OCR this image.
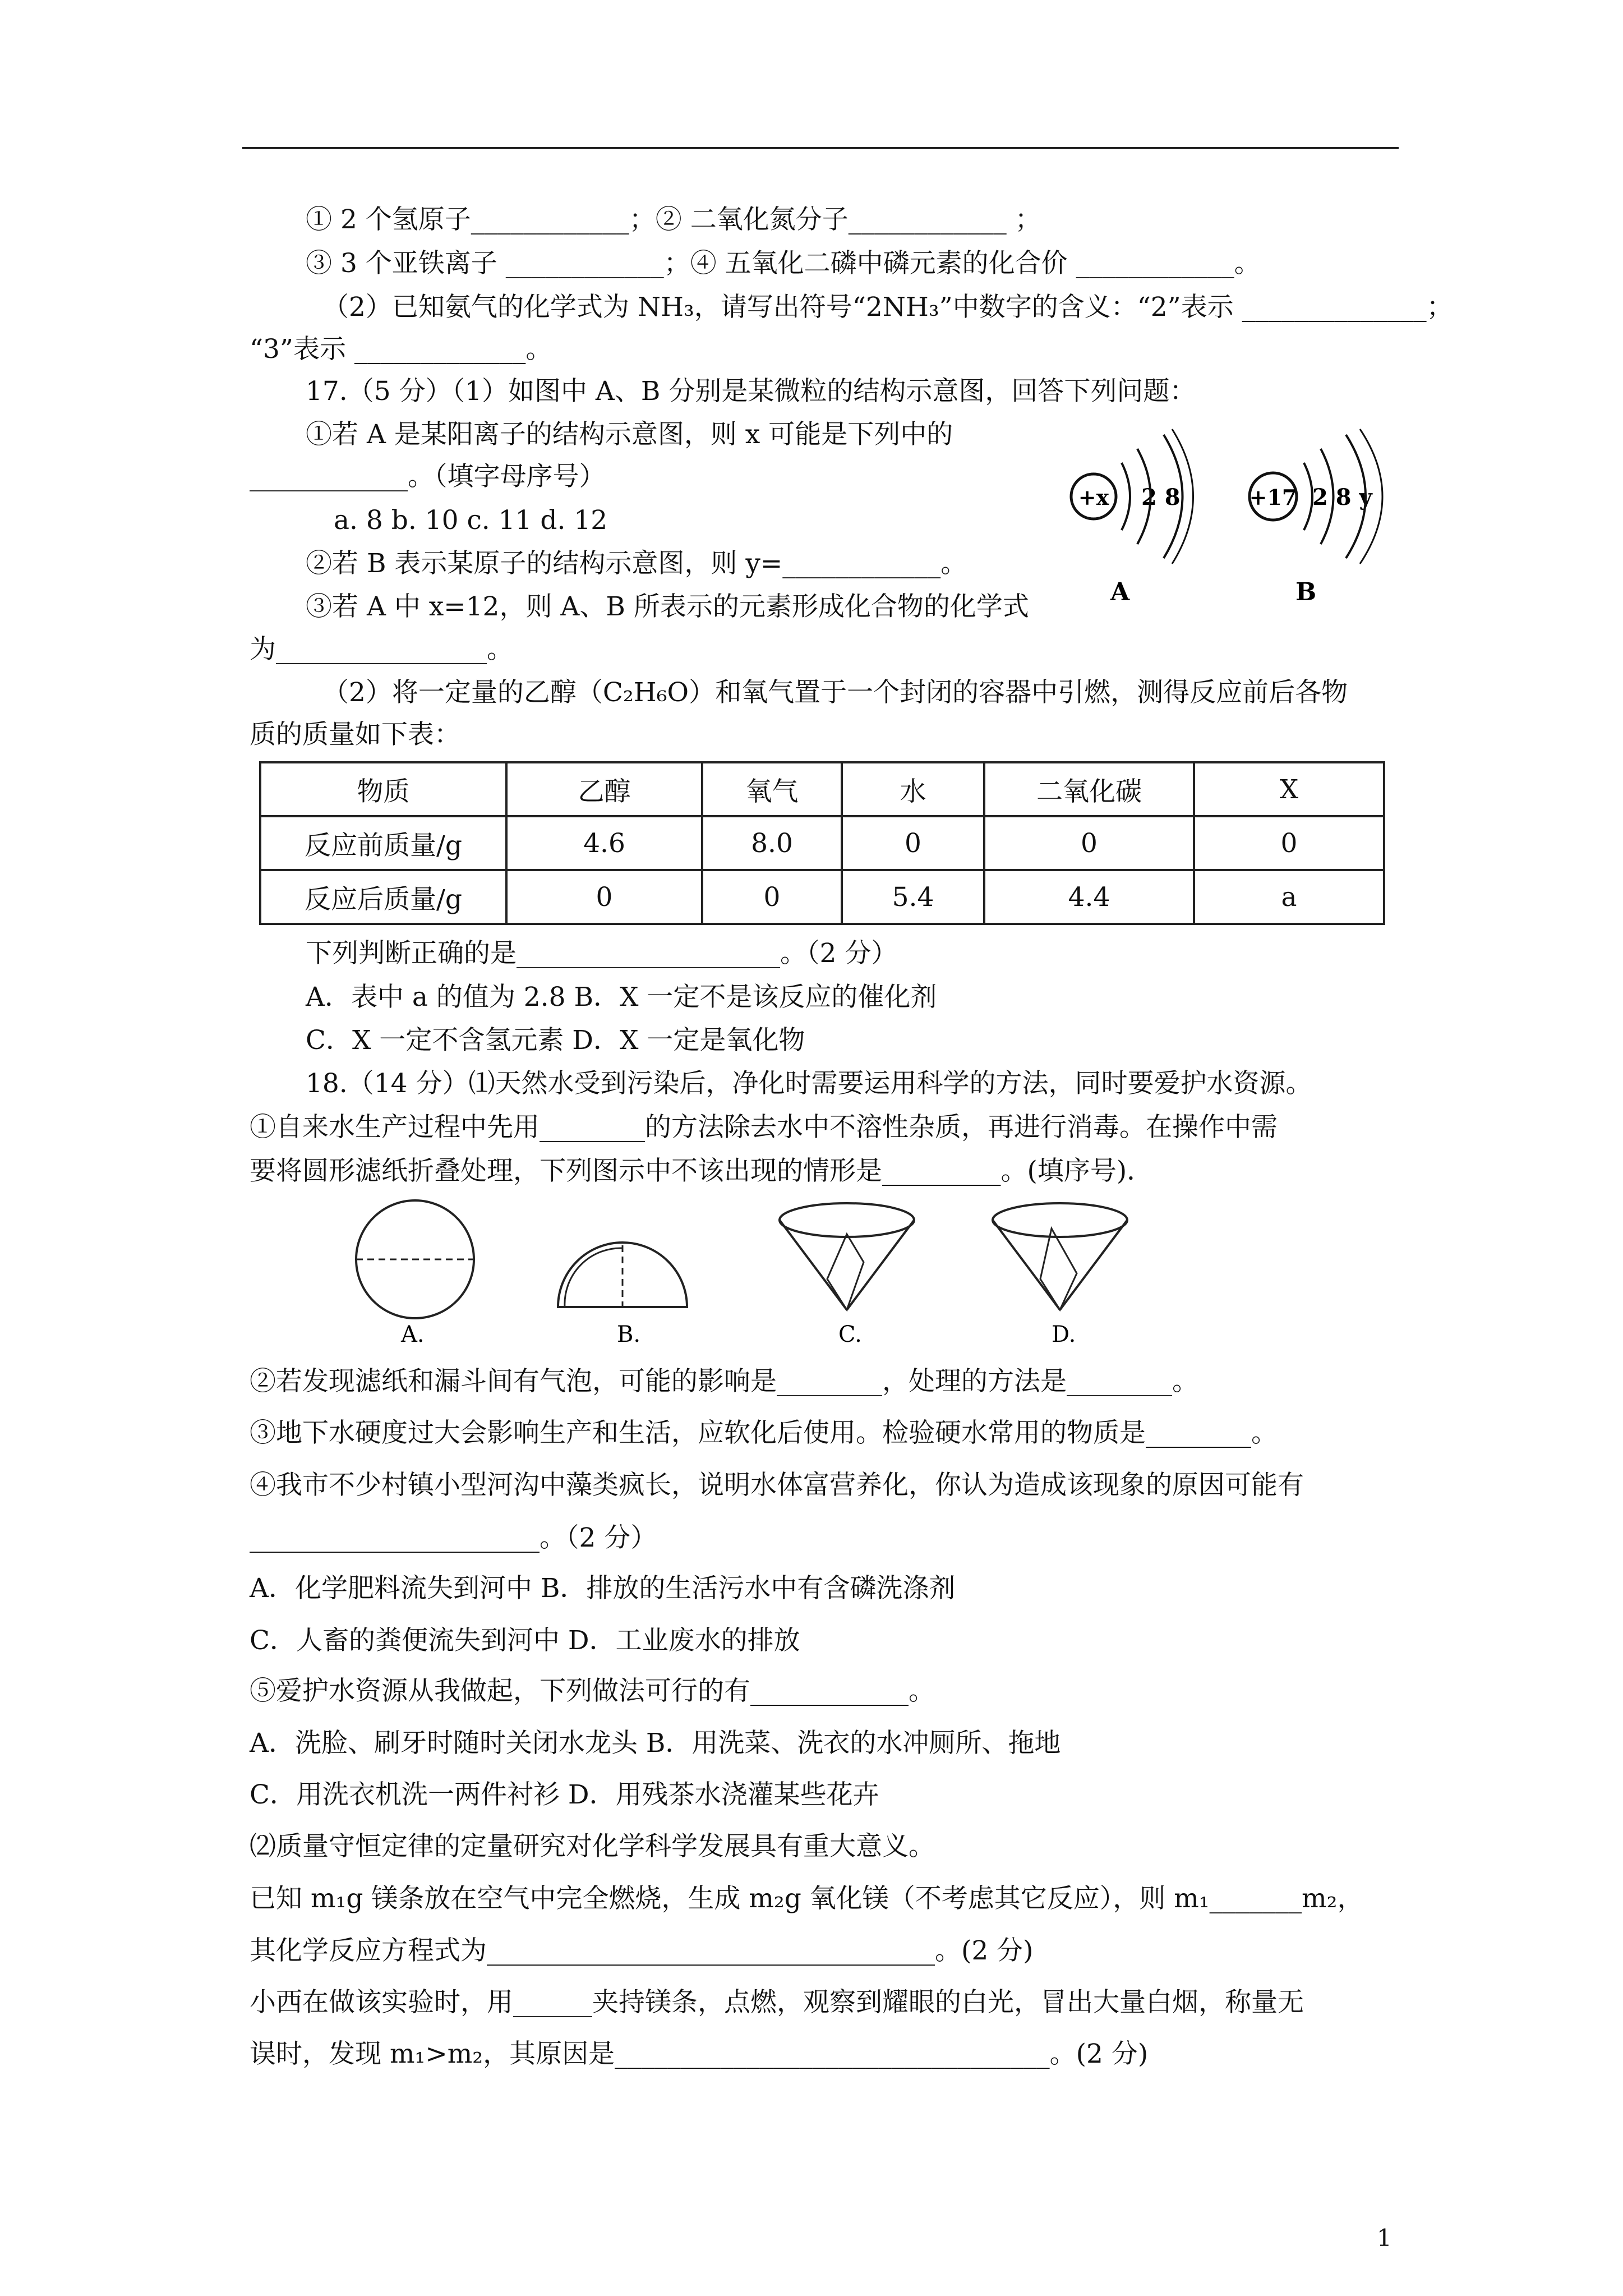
① 2 个氢原子____________；② 二氧化氮分子____________ ；
③ 3 个亚铁离子 ____________；④ 五氧化二磷中磷元素的化合价 ____________。
（2）已知氨气的化学式为 NH₃，请写出符号“2NH₃”中数字的含义：“2”表示 ______________；
“3”表示 _____________。
17.（5 分）（1）如图中 A、B 分别是某微粒的结构示意图，回答下列问题：
①若 A 是某阳离子的结构示意图，则 x 可能是下列中的
____________。（填字母序号）
a. 8 b. 10 c. 11 d. 12
②若 B 表示某原子的结构示意图，则 y=____________。
③若 A 中 x=12，则 A、B 所表示的元素形成化合物的化学式
为________________。
+x 2 8
A
+17 2 8 y
B
（2）将一定量的乙醇（C₂H₆O）和氧气置于一个封闭的容器中引燃，测得反应前后各物
质的质量如下表：
物质	乙醇	氧气	水	二氧化碳	X
反应前质量/g	4.6	8.0	0	0	0
反应后质量/g	0	0	5.4	4.4	a
下列判断正确的是____________________。（2 分）
A．表中 a 的值为 2.8 B．X 一定不是该反应的催化剂
C．X 一定不含氢元素 D．X 一定是氧化物
18.（14 分）⑴天然水受到污染后，净化时需要运用科学的方法，同时要爱护水资源。
①自来水生产过程中先用________的方法除去水中不溶性杂质，再进行消毒。在操作中需
要将圆形滤纸折叠处理，下列图示中不该出现的情形是_________。(填序号)．
A.	B.	C.	D.
②若发现滤纸和漏斗间有气泡，可能的影响是________，处理的方法是________。
③地下水硬度过大会影响生产和生活，应软化后使用。检验硬水常用的物质是________。
④我市不少村镇小型河沟中藻类疯长，说明水体富营养化，你认为造成该现象的原因可能有
______________________。（2 分）
A．化学肥料流失到河中 B．排放的生活污水中有含磷洗涤剂
C．人畜的粪便流失到河中 D．工业废水的排放
⑤爱护水资源从我做起，下列做法可行的有____________。
A．洗脸、刷牙时随时关闭水龙头 B．用洗菜、洗衣的水冲厕所、拖地
C．用洗衣机洗一两件衬衫 D．用残茶水浇灌某些花卉
⑵质量守恒定律的定量研究对化学科学发展具有重大意义。
已知 m₁g 镁条放在空气中完全燃烧，生成 m₂g 氧化镁（不考虑其它反应），则 m₁_______m₂，
其化学反应方程式为__________________________________。(2 分)
小西在做该实验时，用______夹持镁条，点燃，观察到耀眼的白光，冒出大量白烟，称量无
误时，发现 m₁>m₂，其原因是_________________________________。(2 分)
1
